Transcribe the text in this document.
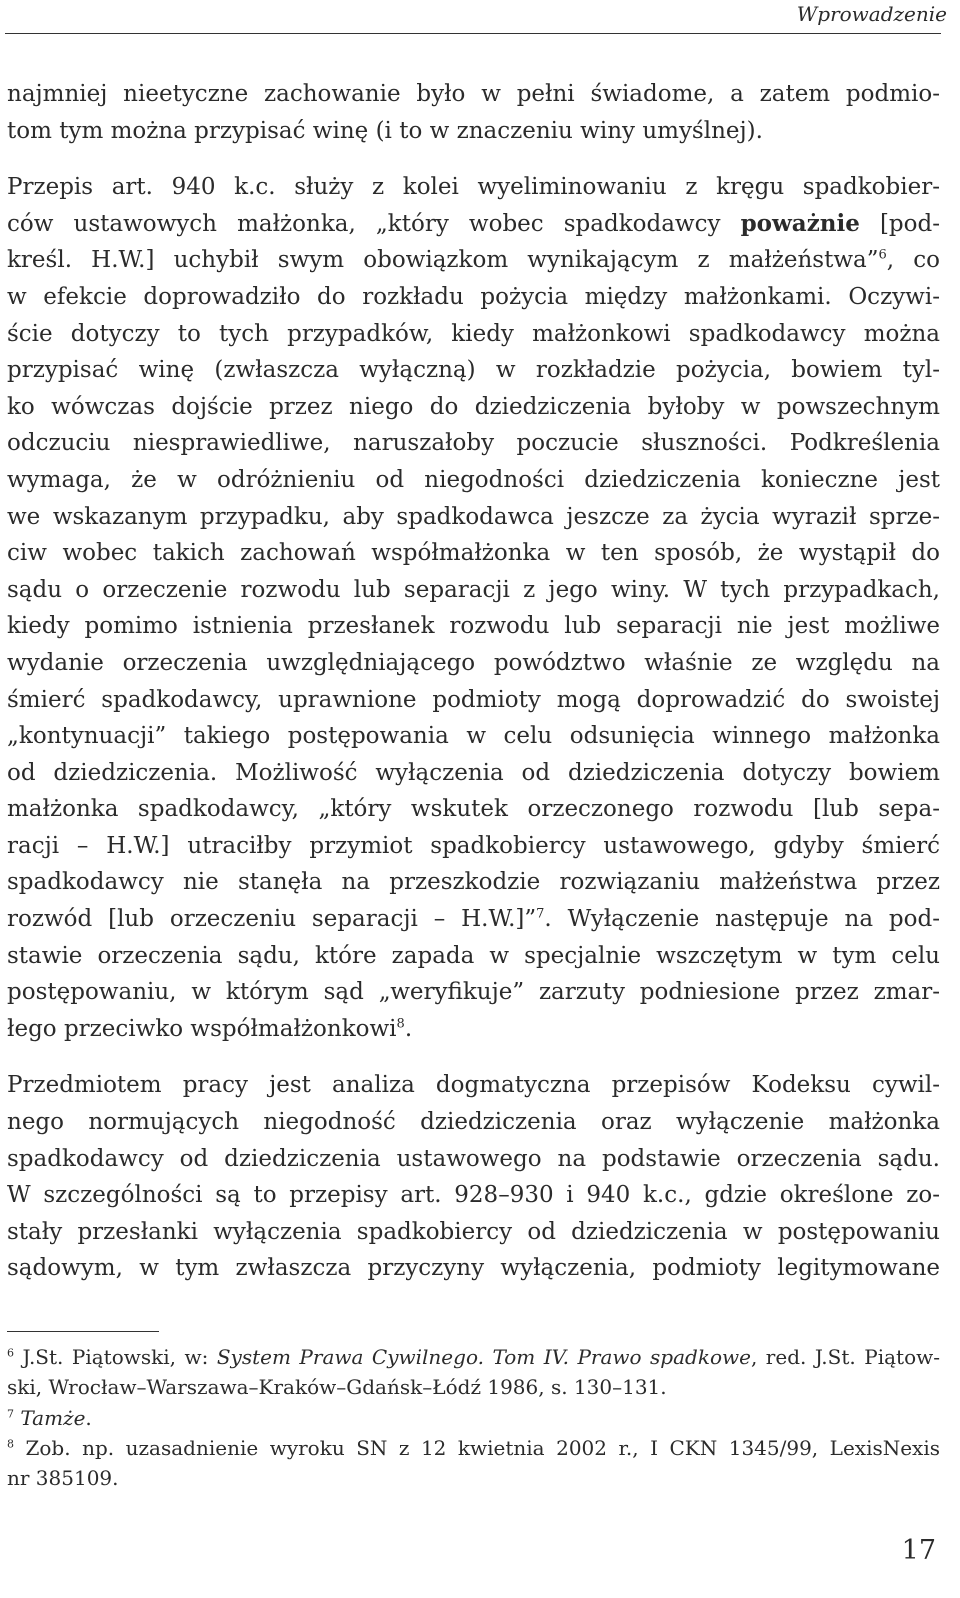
Wprowadzenie
najmniej nieetyczne zachowanie było w pełni świadome, a zatem podmio-
tom tym można przypisać winę (i to w znaczeniu winy umyślnej).
Przepis art. 940 k.c. służy z kolei wyeliminowaniu z kręgu spadkobier-
ców ustawowych małżonka, „który wobec spadkodawcy poważnie [pod-
kreśl. H.W.] uchybił swym obowiązkom wynikającym z małżeństwa”$^6$, co
w efekcie doprowadziło do rozkładu pożycia między małżonkami. Oczywi-
ście dotyczy to tych przypadków, kiedy małżonkowi spadkodawcy można
przypisać winę (zwłaszcza wyłączną) w rozkładzie pożycia, bowiem tyl-
ko wówczas dojście przez niego do dziedziczenia byłoby w powszechnym
odczuciu niesprawiedliwe, naruszałoby poczucie słuszności. Podkreślenia
wymaga, że w odróżnieniu od niegodności dziedziczenia konieczne jest
we wskazanym przypadku, aby spadkodawca jeszcze za życia wyraził sprze-
ciw wobec takich zachowań współmałżonka w ten sposób, że wystąpił do
sądu o orzeczenie rozwodu lub separacji z jego winy. W tych przypadkach,
kiedy pomimo istnienia przesłanek rozwodu lub separacji nie jest możliwe
wydanie orzeczenia uwzględniającego powództwo właśnie ze względu na
śmierć spadkodawcy, uprawnione podmioty mogą doprowadzić do swoistej
„kontynuacji” takiego postępowania w celu odsunięcia winnego małżonka
od dziedziczenia. Możliwość wyłączenia od dziedziczenia dotyczy bowiem
małżonka spadkodawcy, „który wskutek orzeczonego rozwodu [lub sepa-
racji – H.W.] utraciłby przymiot spadkobiercy ustawowego, gdyby śmierć
spadkodawcy nie stanęła na przeszkodzie rozwiązaniu małżeństwa przez
rozwód [lub orzeczeniu separacji – H.W.]”$^7$. Wyłączenie następuje na pod-
stawie orzeczenia sądu, które zapada w specjalnie wszczętym w tym celu
postępowaniu, w którym sąd „weryfikuje” zarzuty podniesione przez zmar-
łego przeciwko współmałżonkowi$^8$.
Przedmiotem pracy jest analiza dogmatyczna przepisów Kodeksu cywil-
nego normujących niegodność dziedziczenia oraz wyłączenie małżonka
spadkodawcy od dziedziczenia ustawowego na podstawie orzeczenia sądu.
W szczególności są to przepisy art. 928–930 i 940 k.c., gdzie określone zo-
stały przesłanki wyłączenia spadkobiercy od dziedziczenia w postępowaniu
sądowym, w tym zwłaszcza przyczyny wyłączenia, podmioty legitymowane
$^6$ J.St. Piątowski, w: System Prawa Cywilnego. Tom IV. Prawo spadkowe, red. J.St. Piątow-
ski, Wrocław–Warszawa–Kraków–Gdańsk–Łódź 1986, s. 130–131.
$^7$ Tamże.
$^8$ Zob. np. uzasadnienie wyroku SN z 12 kwietnia 2002 r., I CKN 1345/99, LexisNexis
nr 385109.
17
